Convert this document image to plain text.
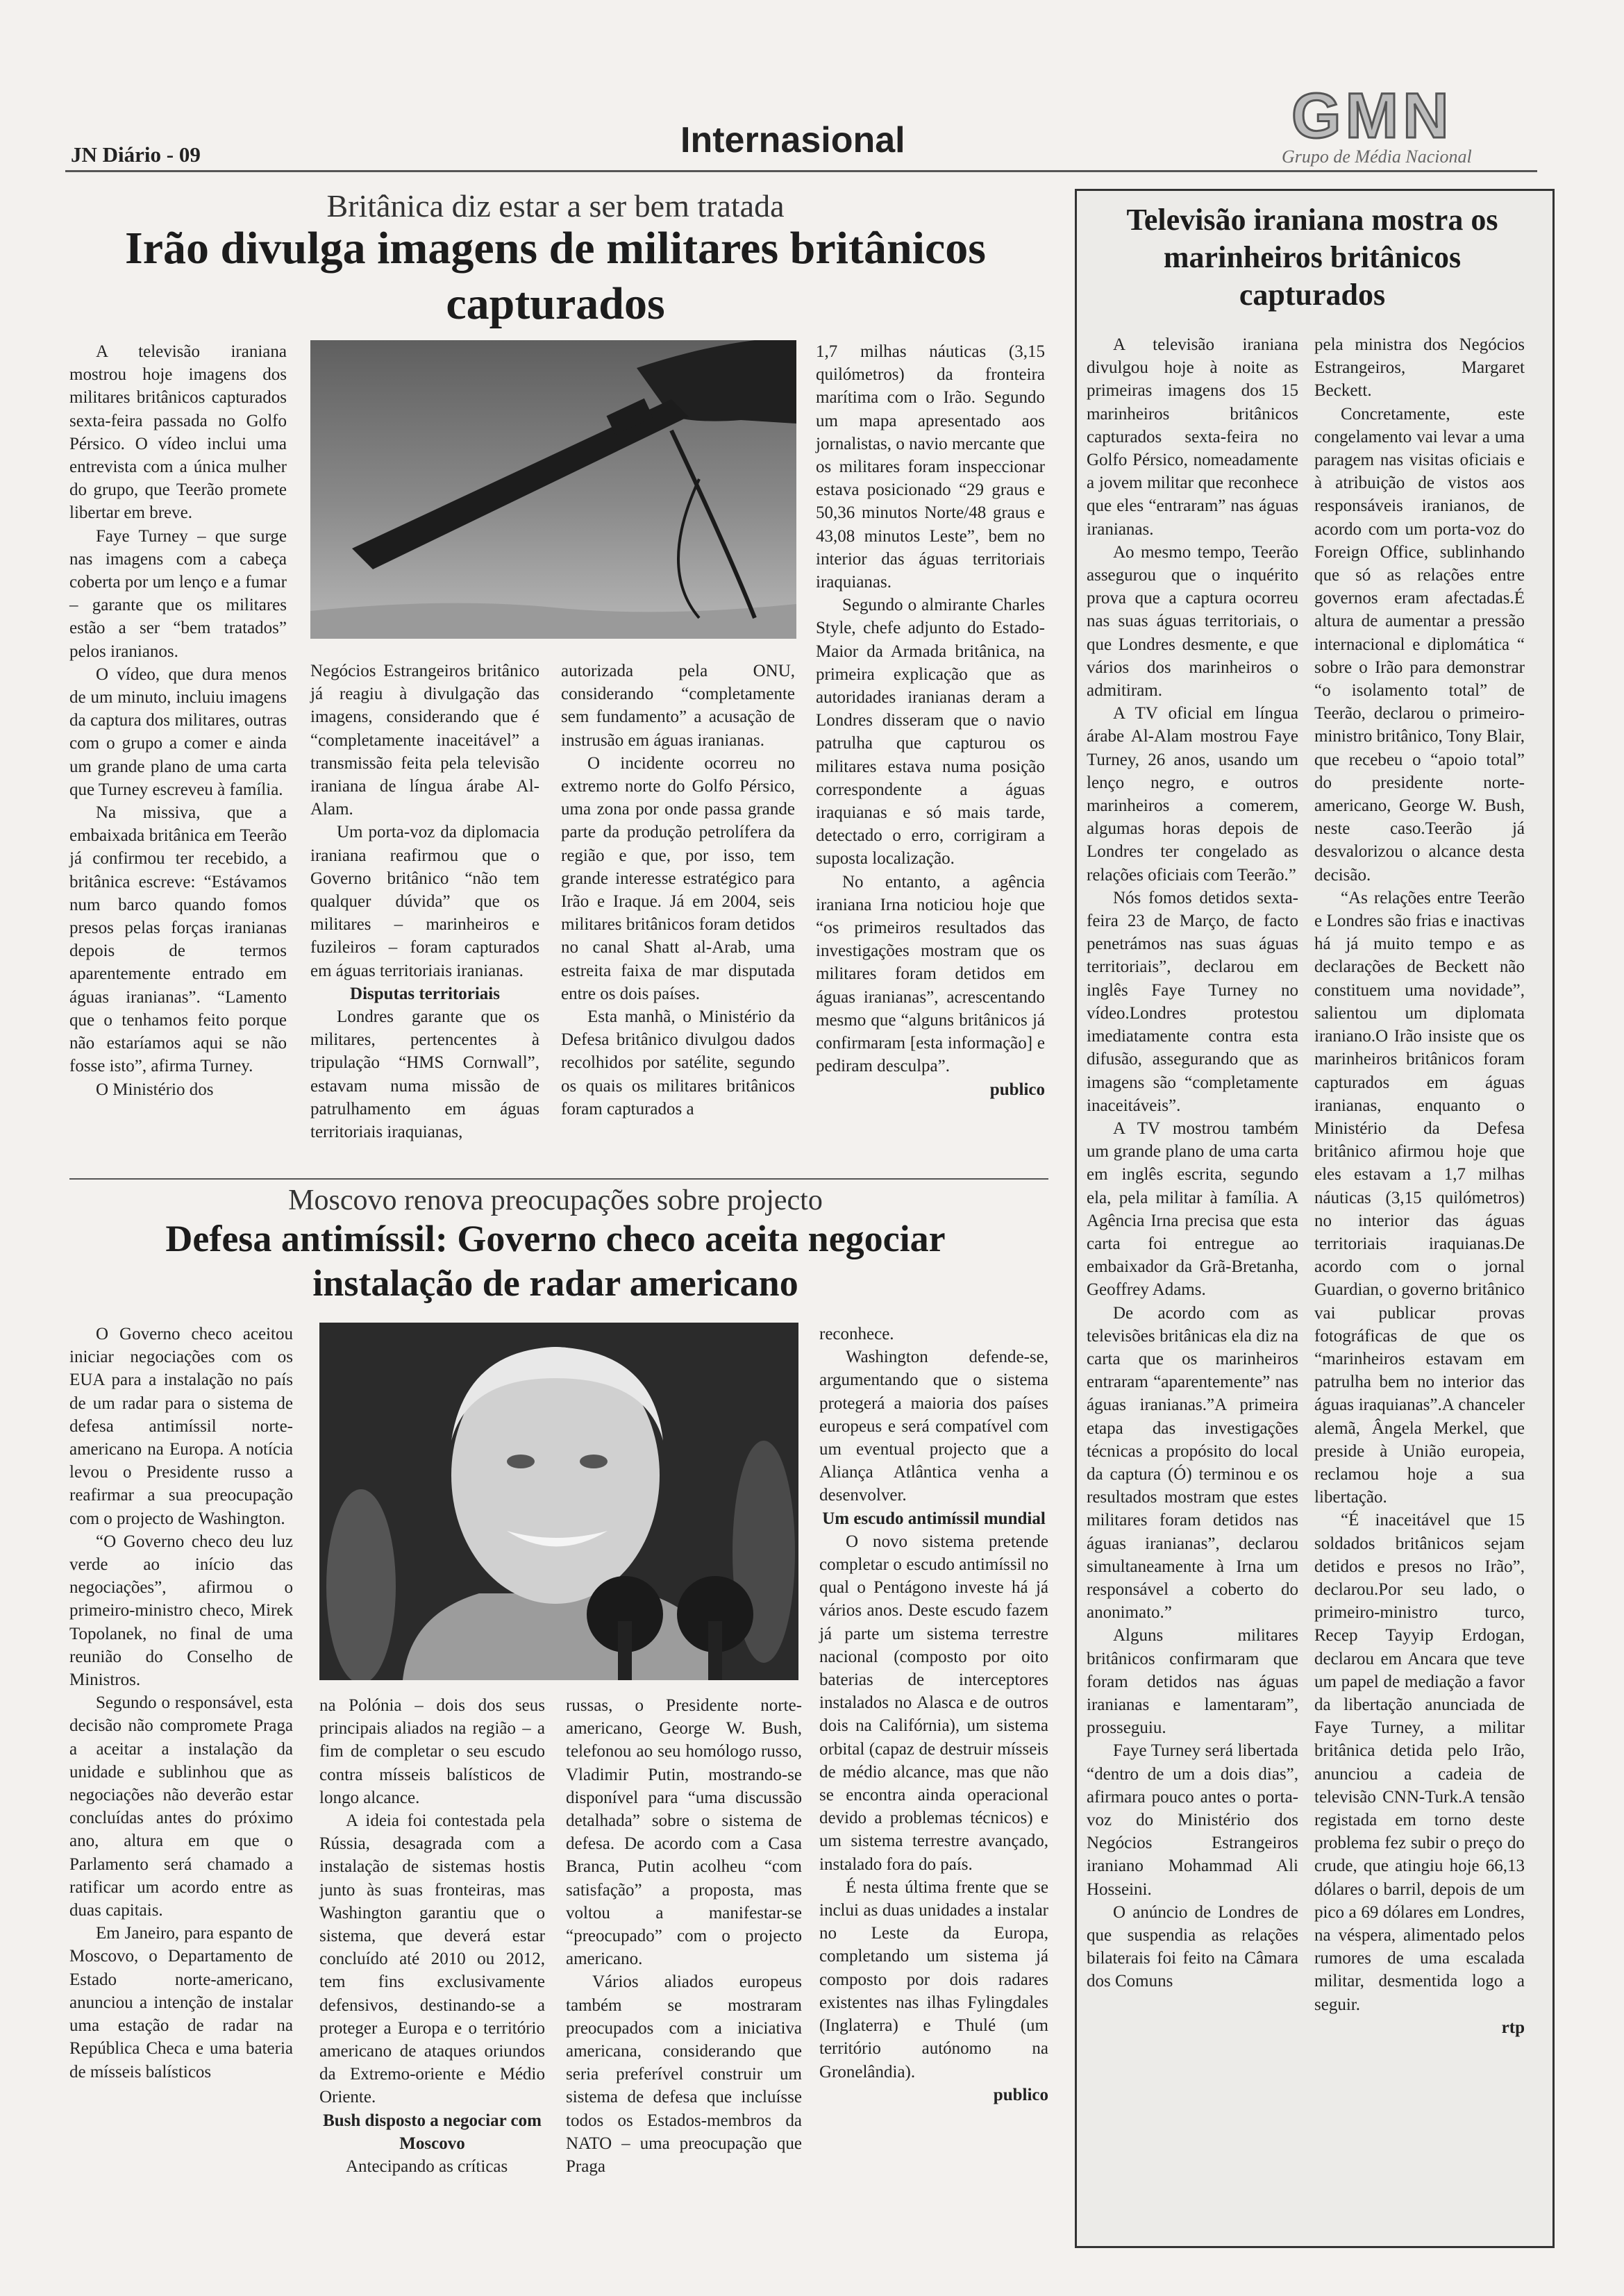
JN Diário - 09	Internasional	GMN
Grupo de Média Nacional
Britânica diz estar a ser bem tratada
Irão divulga imagens de militares britânicos capturados

A televisão iraniana mostrou hoje imagens dos militares britânicos capturados sexta-feira passada no Golfo Pérsico. O vídeo inclui uma entrevista com a única mulher do grupo, que Teerão promete libertar em breve.

Faye Turney – que surge nas imagens com a cabeça coberta por um lenço e a fumar – garante que os militares estão a ser “bem tratados” pelos iranianos.

O vídeo, que dura menos de um minuto, incluiu imagens da captura dos militares, outras com o grupo a comer e ainda um grande plano de uma carta que Turney escreveu à família.

Na missiva, que a embaixada britânica em Teerão já confirmou ter recebido, a britânica escreve: “Estávamos num barco quando fomos presos pelas forças iranianas depois de termos aparentemente entrado em águas iranianas”. “Lamento que o tenhamos feito porque não estaríamos aqui se não fosse isto”, afirma Turney.

O Ministério dos

Negócios Estrangeiros britânico já reagiu à divulgação das imagens, considerando que é “completamente inaceitável” a transmissão feita pela televisão iraniana de língua árabe Al-Alam.

Um porta-voz da diplomacia iraniana reafirmou que o Governo britânico “não tem qualquer dúvida” que os militares – marinheiros e fuzileiros – foram capturados em águas territoriais iranianas.

Disputas territoriais

Londres garante que os militares, pertencentes à tripulação “HMS Cornwall”, estavam numa missão de patrulhamento em águas territoriais iraquianas,

autorizada pela ONU, considerando “completamente sem fundamento” a acusação de instrusão em águas iranianas.

O incidente ocorreu no extremo norte do Golfo Pérsico, uma zona por onde passa grande parte da produção petrolífera da região e que, por isso, tem grande interesse estratégico para Irão e Iraque. Já em 2004, seis militares britânicos foram detidos no canal Shatt al-Arab, uma estreita faixa de mar disputada entre os dois países.

Esta manhã, o Ministério da Defesa britânico divulgou dados recolhidos por satélite, segundo os quais os militares britânicos foram capturados a

1,7 milhas náuticas (3,15 quilómetros) da fronteira marítima com o Irão. Segundo um mapa apresentado aos jornalistas, o navio mercante que os militares foram inspeccionar estava posicionado “29 graus e 50,36 minutos Norte/48 graus e 43,08 minutos Leste”, bem no interior das águas territoriais iraquianas.

Segundo o almirante Charles Style, chefe adjunto do Estado-Maior da Armada britânica, na primeira explicação que as autoridades iranianas deram a Londres disseram que o navio patrulha que capturou os militares estava numa posição correspondente a águas iraquianas e só mais tarde, detectado o erro, corrigiram a suposta localização.

No entanto, a agência iraniana Irna noticiou hoje que “os primeiros resultados das investigações mostram que os militares foram detidos em águas iranianas”, acrescentando mesmo que “alguns britânicos já confirmaram [esta informação] e pediram desculpa”.

publico

Moscovo renova preocupações sobre projecto
Defesa antimíssil: Governo checo aceita negociar instalação de radar americano

O Governo checo aceitou iniciar negociações com os EUA para a instalação no país de um radar para o sistema de defesa antimíssil norte-americano na Europa. A notícia levou o Presidente russo a reafirmar a sua preocupação com o projecto de Washington.

“O Governo checo deu luz verde ao início das negociações”, afirmou o primeiro-ministro checo, Mirek Topolanek, no final de uma reunião do Conselho de Ministros.

Segundo o responsável, esta decisão não compromete Praga a aceitar a instalação da unidade e sublinhou que as negociações não deverão estar concluídas antes do próximo ano, altura em que o Parlamento será chamado a ratificar um acordo entre as duas capitais.

Em Janeiro, para espanto de Moscovo, o Departamento de Estado norte-americano, anunciou a intenção de instalar uma estação de radar na República Checa e uma bateria de mísseis balísticos

na Polónia – dois dos seus principais aliados na região – a fim de completar o seu escudo contra mísseis balísticos de longo alcance.

A ideia foi contestada pela Rússia, desagrada com a instalação de sistemas hostis junto às suas fronteiras, mas Washington garantiu que o sistema, que deverá estar concluído até 2010 ou 2012, tem fins exclusivamente defensivos, destinando-se a proteger a Europa e o território americano de ataques oriundos da Extremo-oriente e Médio Oriente.

Bush disposto a negociar com Moscovo

Antecipando as críticas

russas, o Presidente norte-americano, George W. Bush, telefonou ao seu homólogo russo, Vladimir Putin, mostrando-se disponível para “uma discussão detalhada” sobre o sistema de defesa. De acordo com a Casa Branca, Putin acolheu “com satisfação” a proposta, mas voltou a manifestar-se “preocupado” com o projecto americano.

Vários aliados europeus também se mostraram preocupados com a iniciativa americana, considerando que seria preferível construir um sistema de defesa que incluísse todos os Estados-membros da NATO – uma preocupação que Praga

reconhece.

Washington defende-se, argumentando que o sistema protegerá a maioria dos países europeus e será compatível com um eventual projecto que a Aliança Atlântica venha a desenvolver.

Um escudo antimíssil mundial

O novo sistema pretende completar o escudo antimíssil no qual o Pentágono investe há já vários anos. Deste escudo fazem já parte um sistema terrestre nacional (composto por oito baterias de interceptores instalados no Alasca e de outros dois na Califórnia), um sistema orbital (capaz de destruir mísseis de médio alcance, mas que não se encontra ainda operacional devido a problemas técnicos) e um sistema terrestre avançado, instalado fora do país.

É nesta última frente que se inclui as duas unidades a instalar no Leste da Europa, completando um sistema já composto por dois radares existentes nas ilhas Fylingdales (Inglaterra) e Thulé (um território autónomo na Gronelândia).

publico

Televisão iraniana mostra os marinheiros britânicos capturados

A televisão iraniana divulgou hoje à noite as primeiras imagens dos 15 marinheiros britânicos capturados sexta-feira no Golfo Pérsico, nomeadamente a jovem militar que reconhece que eles “entraram” nas águas iranianas.

Ao mesmo tempo, Teerão assegurou que o inquérito prova que a captura ocorreu nas suas águas territoriais, o que Londres desmente, e que vários dos marinheiros o admitiram.

A TV oficial em língua árabe Al-Alam mostrou Faye Turney, 26 anos, usando um lenço negro, e outros marinheiros a comerem, algumas horas depois de Londres ter congelado as relações oficiais com Teerão.”

Nós fomos detidos sexta-feira 23 de Março, de facto penetrámos nas suas águas territoriais”, declarou em inglês Faye Turney no vídeo.Londres protestou imediatamente contra esta difusão, assegurando que as imagens são “completamente inaceitáveis”.

A TV mostrou também um grande plano de uma carta em inglês escrita, segundo ela, pela militar à família. A Agência Irna precisa que esta carta foi entregue ao embaixador da Grã-Bretanha, Geoffrey Adams.

De acordo com as televisões britânicas ela diz na carta que os marinheiros entraram “aparentemente” nas águas iranianas.”A primeira etapa das investigações técnicas a propósito do local da captura (Ó) terminou e os resultados mostram que estes militares foram detidos nas águas iranianas”, declarou simultaneamente à Irna um responsável a coberto do anonimato.”

Alguns militares britânicos confirmaram que foram detidos nas águas iranianas e lamentaram”, prosseguiu.

Faye Turney será libertada “dentro de um a dois dias”, afirmara pouco antes o porta-voz do Ministério dos Negócios Estrangeiros iraniano Mohammad Ali Hosseini.

O anúncio de Londres de que suspendia as relações bilaterais foi feito na Câmara dos Comuns

pela ministra dos Negócios Estrangeiros, Margaret Beckett.

Concretamente, este congelamento vai levar a uma paragem nas visitas oficiais e à atribuição de vistos aos responsáveis iranianos, de acordo com um porta-voz do Foreign Office, sublinhando que só as relações entre governos eram afectadas.É altura de aumentar a pressão internacional e diplomática “ sobre o Irão para demonstrar “o isolamento total” de Teerão, declarou o primeiro-ministro britânico, Tony Blair, que recebeu o “apoio total” do presidente norte-americano, George W. Bush, neste caso.Teerão já desvalorizou o alcance desta decisão.

“As relações entre Teerão e Londres são frias e inactivas há já muito tempo e as declarações de Beckett não constituem uma novidade”, salientou um diplomata iraniano.O Irão insiste que os marinheiros britânicos foram capturados em águas iranianas, enquanto o Ministério da Defesa britânico afirmou hoje que eles estavam a 1,7 milhas náuticas (3,15 quilómetros) no interior das águas territoriais iraquianas.De acordo com o jornal Guardian, o governo britânico vai publicar provas fotográficas de que os “marinheiros estavam em patrulha bem no interior das águas iraquianas”.A chanceler alemã, Ângela Merkel, que preside à União europeia, reclamou hoje a sua libertação.

“É inaceitável que 15 soldados britânicos sejam detidos e presos no Irão”, declarou.Por seu lado, o primeiro-ministro turco, Recep Tayyip Erdogan, declarou em Ancara que teve um papel de mediação a favor da libertação anunciada de Faye Turney, a militar britânica detida pelo Irão, anunciou a cadeia de televisão CNN-Turk.A tensão registada em torno deste problema fez subir o preço do crude, que atingiu hoje 66,13 dólares o barril, depois de um pico a 69 dólares em Londres, na véspera, alimentado pelos rumores de uma escalada militar, desmentida logo a seguir.

rtp
